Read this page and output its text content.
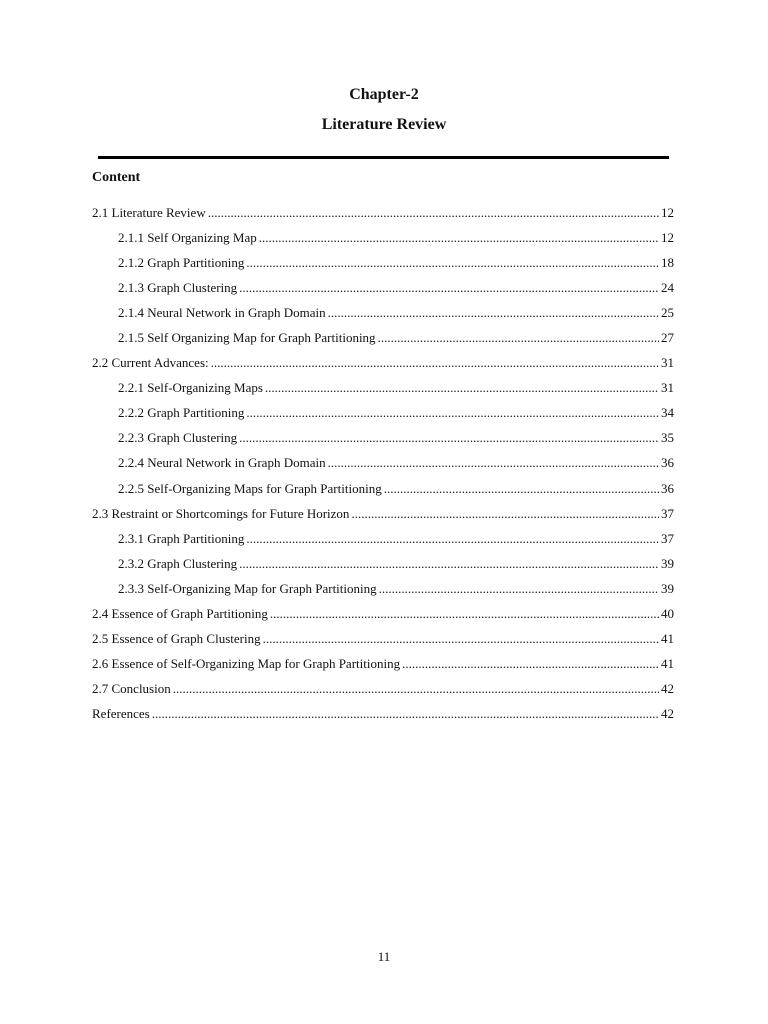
Chapter-2
Literature Review
Content
2.1 Literature Review .....	12
2.1.1 Self Organizing Map .....	12
2.1.2 Graph Partitioning .....	18
2.1.3 Graph Clustering .....	24
2.1.4 Neural Network in Graph Domain .....	25
2.1.5 Self Organizing Map for Graph Partitioning .....	27
2.2 Current Advances: .....	31
2.2.1 Self-Organizing Maps .....	31
2.2.2 Graph Partitioning .....	34
2.2.3 Graph Clustering .....	35
2.2.4 Neural Network in Graph Domain .....	36
2.2.5 Self-Organizing Maps for Graph Partitioning .....	36
2.3 Restraint or Shortcomings for Future Horizon .....	37
2.3.1 Graph Partitioning .....	37
2.3.2 Graph Clustering .....	39
2.3.3 Self-Organizing Map for Graph Partitioning .....	39
2.4 Essence of Graph Partitioning .....	40
2.5 Essence of Graph Clustering .....	41
2.6 Essence of Self-Organizing Map for Graph Partitioning .....	41
2.7 Conclusion .....	42
References .....	42
11
